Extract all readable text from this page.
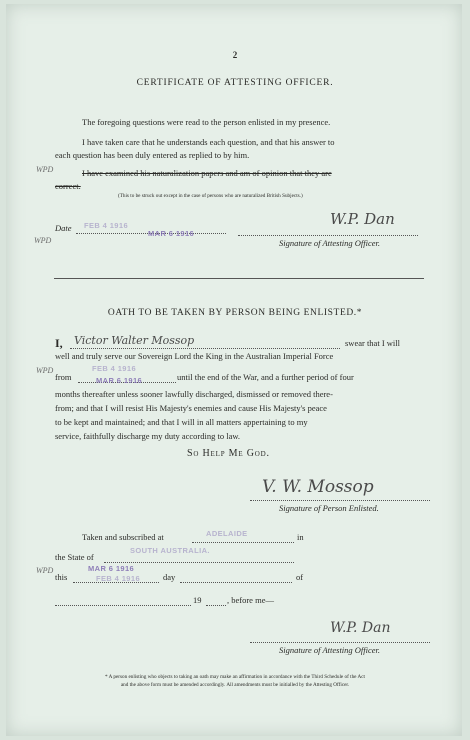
2
CERTIFICATE OF ATTESTING OFFICER.
The foregoing questions were read to the person enlisted in my presence.
I have taken care that he understands each question, and that his answer to
each question has been duly entered as replied to by him.
I have examined his naturalization papers and am of opinion that they are
correct.
(This to be struck out except in the case of persons who are naturalized British Subjects.)
WPD
Date FEB 4 1916
MAR 6 1916
WPD
W.P. Dan
Signature of Attesting Officer.
OATH TO BE TAKEN BY PERSON BEING ENLISTED.*
I, Victor Walter Mossop	swear that I will
well and truly serve our Sovereign Lord the King in the Australian Imperial Force
from
FEB 4 1916
MAR 6 1916
WPD
until the end of the War, and a further period of four
months thereafter unless sooner lawfully discharged, dismissed or removed there-
from; and that I will resist His Majesty's enemies and cause His Majesty's peace
to be kept and maintained; and that I will in all matters appertaining to my
service, faithfully discharge my duty according to law.
So Help Me God.
V. W. Mossop
Signature of Person Enlisted.
Taken and subscribed at	ADELAIDE	in
the State of
SOUTH AUSTRALIA.
this
MAR 6 1916
FEB 4 1916
WPD
day	of
19	, before me—
W.P. Dan
Signature of Attesting Officer.
* A person enlisting who objects to taking an oath may make an affirmation in accordance with the Third Schedule of the Act
and the above form must be amended accordingly. All amendments must be initialled by the Attesting Officer.
